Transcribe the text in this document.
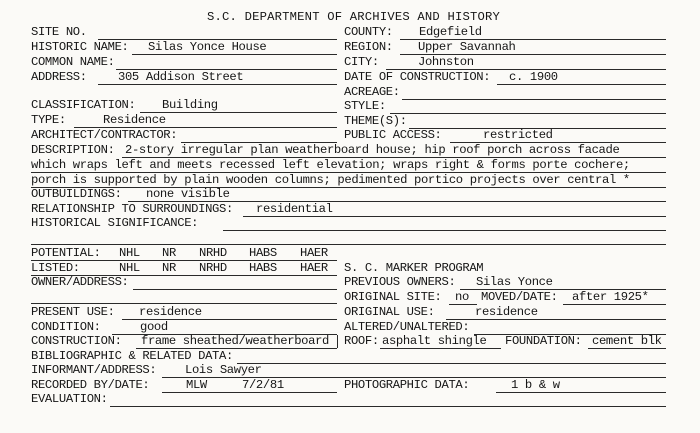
S.C. DEPARTMENT OF ARCHIVES AND HISTORY
SITE NO.
HISTORIC NAME: Silas Yonce House
COMMON NAME:
ADDRESS:	305 Addison Street
CLASSIFICATION: Building
TYPE:	Residence
ARCHITECT/CONTRACTOR:
COUNTY: Edgefield
REGION: Upper Savannah
CITY:	Johnston
DATE OF CONSTRUCTION: c. 1900
ACREAGE:
STYLE:
THEME(S):
PUBLIC ACCESS:	restricted
DESCRIPTION: 2-story irregular plan weatherboard house; hip roof porch across facade
which wraps left and meets recessed left elevation; wraps right & forms porte cochere;
porch is supported by plain wooden columns; pedimented portico projects over central *
OUTBUILDINGS: none visible
RELATIONSHIP TO SURROUNDINGS: residential
HISTORICAL SIGNIFICANCE:
POTENTIAL: NHL NR NRHD HABS HAER
LISTED:	NHL NR NRHD HABS HAER S. C. MARKER PROGRAM
OWNER/ADDRESS:	PREVIOUS OWNERS: Silas Yonce
ORIGINAL SITE: no MOVED/DATE: after 1925*
PRESENT USE: residence	ORIGINAL USE:	residence
CONDITION:	good	ALTERED/UNALTERED:
CONSTRUCTION: frame sheathed/weatherboard ROOF: asphalt shingle FOUNDATION: cement blk
BIBLIOGRAPHIC & RELATED DATA:
INFORMANT/ADDRESS: Lois Sawyer
RECORDED BY/DATE:	MLW	7/2/81	PHOTOGRAPHIC DATA:	1 b & w
EVALUATION:
